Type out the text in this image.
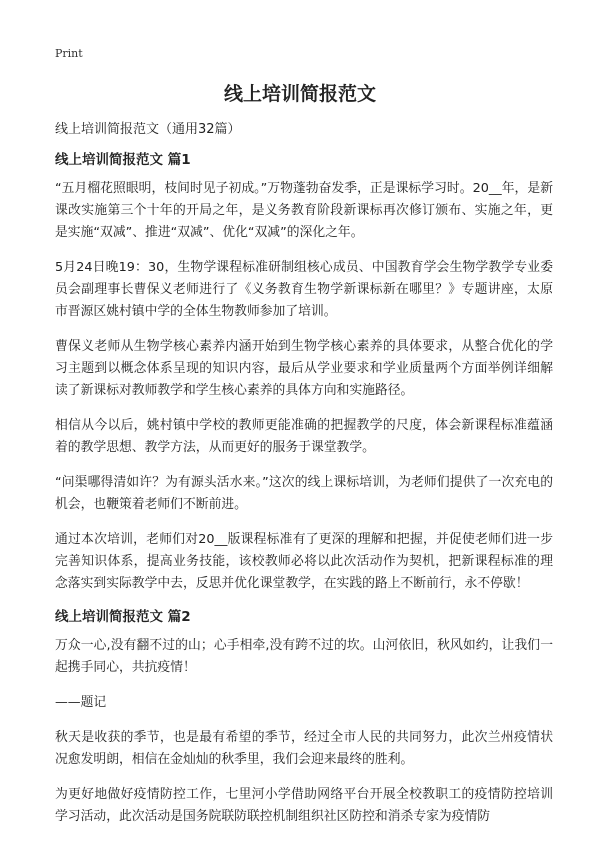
Print
线上培训简报范文
线上培训简报范文（通用32篇）
线上培训简报范文 篇1

“五月榴花照眼明，枝间时见子初成。”万物蓬勃奋发季，正是课标学习时。20__年，是新课改实施第三个十年的开局之年，是义务教育阶段新课标再次修订颁布、实施之年，更是实施“双减”、推进“双减”、优化“双减”的深化之年。

5月24日晚19：30，生物学课程标准研制组核心成员、中国教育学会生物学教学专业委员会副理事长曹保义老师进行了《义务教育生物学新课标新在哪里？》专题讲座，太原市晋源区姚村镇中学的全体生物教师参加了培训。

曹保义老师从生物学核心素养内涵开始到生物学核心素养的具体要求，从整合优化的学习主题到以概念体系呈现的知识内容，最后从学业要求和学业质量两个方面举例详细解读了新课标对教师教学和学生核心素养的具体方向和实施路径。

相信从今以后，姚村镇中学校的教师更能准确的把握教学的尺度，体会新课程标准蕴涵着的教学思想、教学方法，从而更好的服务于课堂教学。

“问渠哪得清如许？为有源头活水来。”这次的线上课标培训，为老师们提供了一次充电的机会，也鞭策着老师们不断前进。

通过本次培训，老师们对20__版课程标准有了更深的理解和把握，并促使老师们进一步完善知识体系，提高业务技能，该校教师必将以此次活动作为契机，把新课程标准的理念落实到实际教学中去，反思并优化课堂教学，在实践的路上不断前行，永不停歇！

线上培训简报范文 篇2

万众一心,没有翻不过的山；心手相牵,没有跨不过的坎。山河依旧，秋风如约，让我们一起携手同心，共抗疫情！

——题记

秋天是收获的季节，也是最有希望的季节，经过全市人民的共同努力，此次兰州疫情状况愈发明朗，相信在金灿灿的秋季里，我们会迎来最终的胜利。

为更好地做好疫情防控工作，七里河小学借助网络平台开展全校教职工的疫情防控培训学习活动，此次活动是国务院联防联控机制组织社区防控和消杀专家为疫情防
